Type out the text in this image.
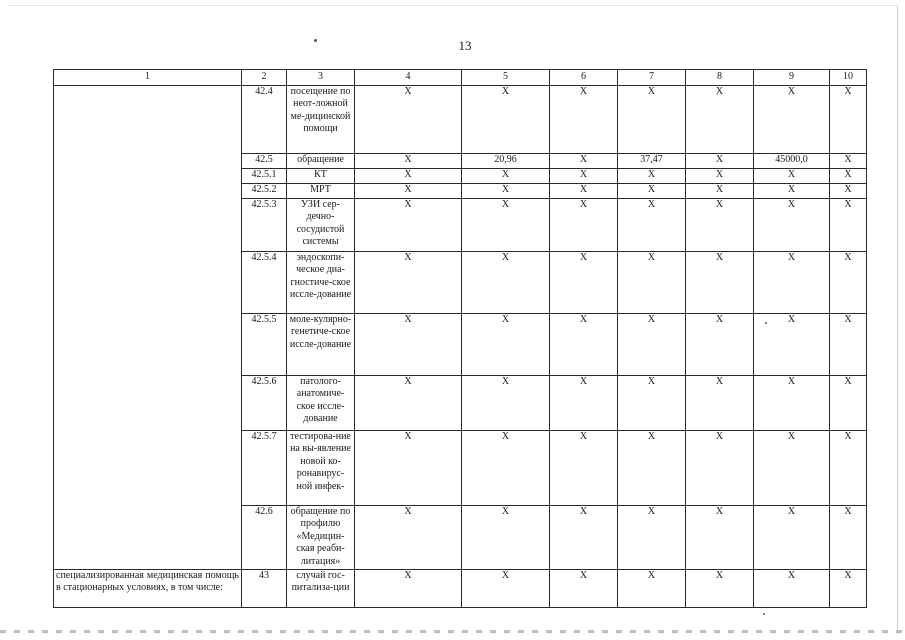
13
1	2	3	4	5	6	7	8	9	10
	42.4	посещение по неот-ложной ме-дицинской помощи	Х	Х	Х	Х	Х	Х	Х
	42.5	обращение	Х	20,96	Х	37,47	Х	45000,0	Х
	42.5.1	КТ	Х	Х	Х	Х	Х	Х	Х
	42.5.2	МРТ	Х	Х	Х	Х	Х	Х	Х
	42.5.3	УЗИ сер-дечно-сосудистой системы	Х	Х	Х	Х	Х	Х	Х
	42.5.4	эндоскопи-ческое диа-гностиче-ское иссле-дование	Х	Х	Х	Х	Х	Х	Х
	42.5.5	моле-кулярно-генетиче-ское иссле-дование	Х	Х	Х	Х	Х	Х	Х
	42.5.6	патолого-анатомиче-ское иссле-дование	Х	Х	Х	Х	Х	Х	Х
	42.5.7	тестирова-ние на вы-явление новой ко-ронавирус-ной инфек-	Х	Х	Х	Х	Х	Х	Х
	42.6	обращение по профилю «Медицин-ская реаби-литация»	Х	Х	Х	Х	Х	Х	Х
специализированная медицинская помощь в стационарных условиях, в том числе:	43	случай гос-питализа-ции	Х	Х	Х	Х	Х	Х	Х
